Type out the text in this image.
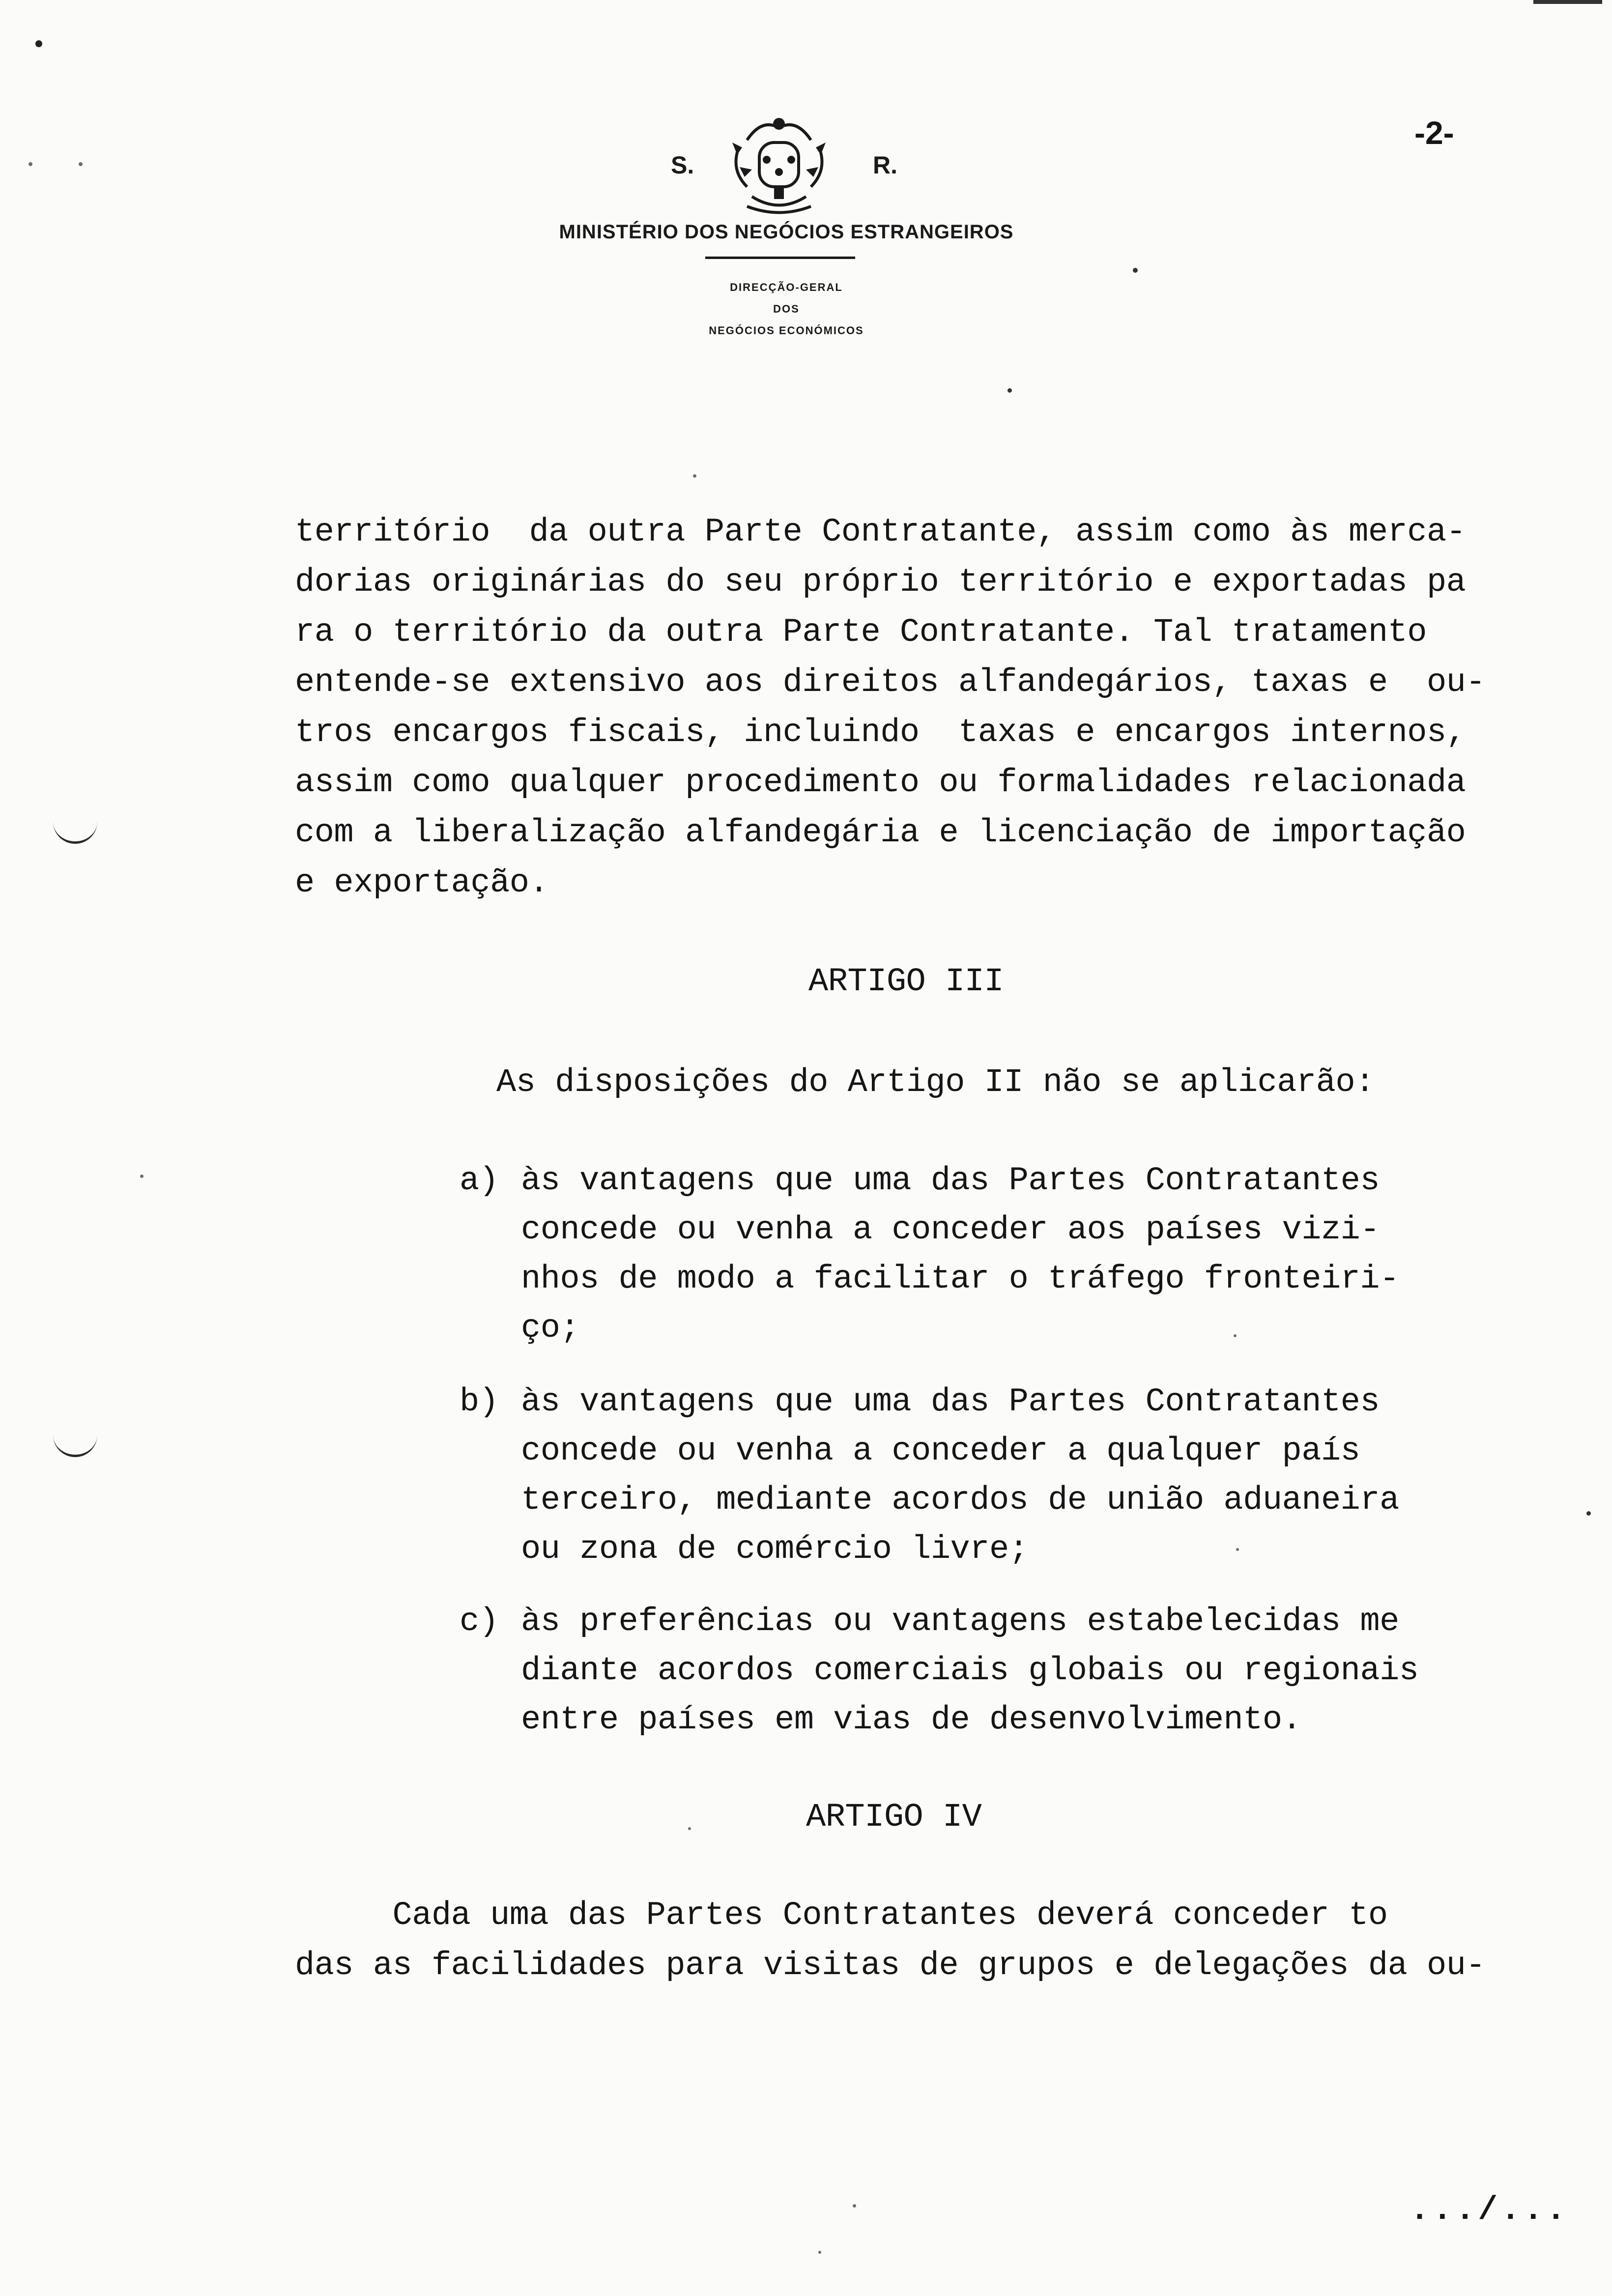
-2-
S.	R.
MINISTÉRIO DOS NEGÓCIOS ESTRANGEIROS
DIRECÇÃO-GERAL
DOS
NEGÓCIOS ECONÓMICOS

território  da outra Parte Contratante, assim como às merca-

dorias originárias do seu próprio território e exportadas pa

ra o território da outra Parte Contratante. Tal tratamento

entende-se extensivo aos direitos alfandegários, taxas e  ou-

tros encargos fiscais, incluindo  taxas e encargos internos,

assim como qualquer procedimento ou formalidades relacionada

com a liberalização alfandegária e licenciação de importação

e exportação.

ARTIGO III
As disposições do Artigo II não se aplicarão:

a)

às vantagens que uma das Partes Contratantes

concede ou venha a conceder aos países vizi-

nhos de modo a facilitar o tráfego fronteiri-

ço;

b)

às vantagens que uma das Partes Contratantes

concede ou venha a conceder a qualquer país

terceiro, mediante acordos de união aduaneira

ou zona de comércio livre;

c)

às preferências ou vantagens estabelecidas me

diante acordos comerciais globais ou regionais

entre países em vias de desenvolvimento.

ARTIGO IV

Cada uma das Partes Contratantes deverá conceder to

das as facilidades para visitas de grupos e delegações da ou-

.../...
